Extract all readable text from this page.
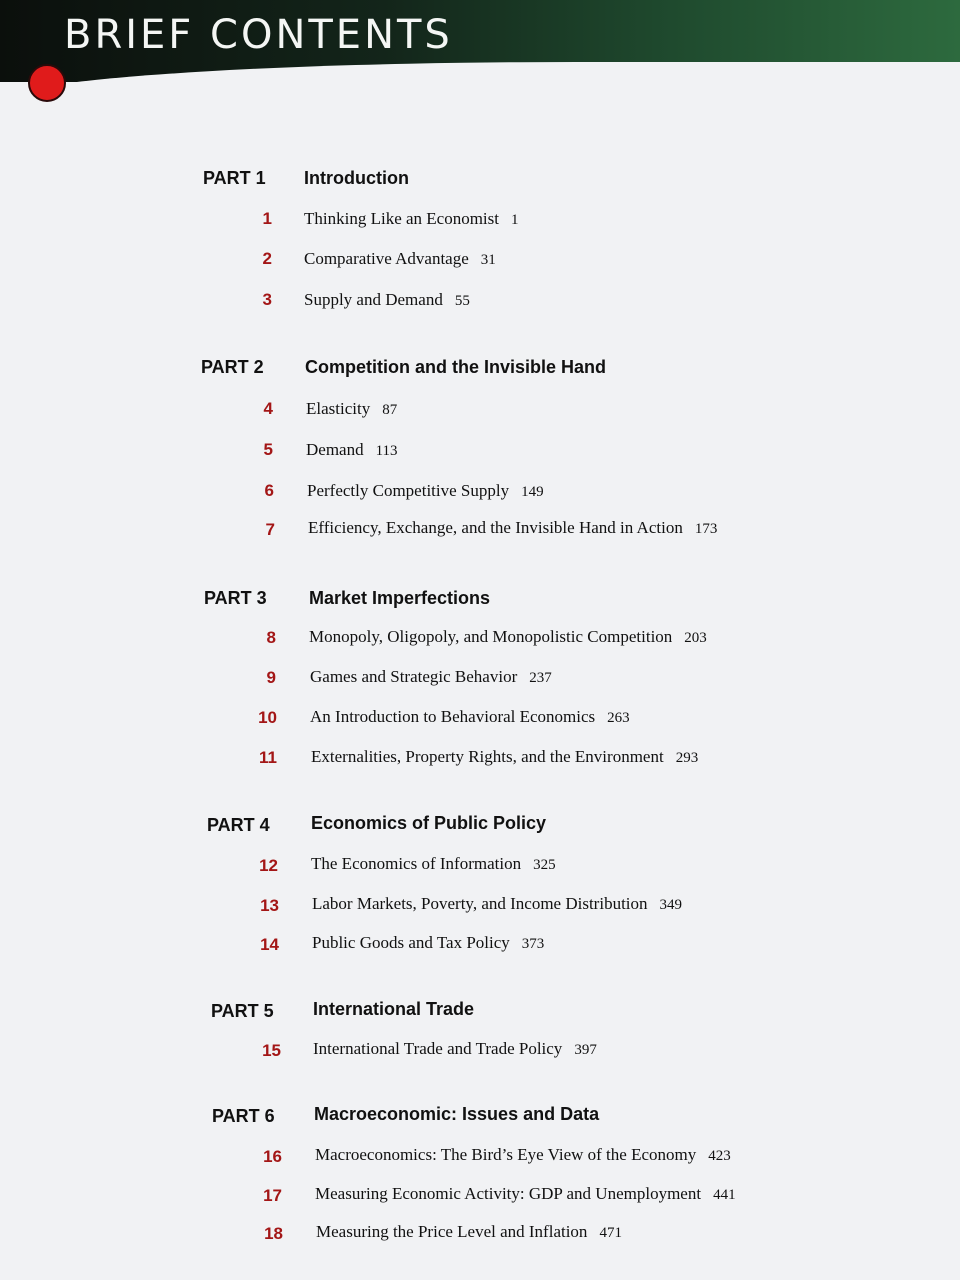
BRIEF CONTENTS
PART 1	Introduction
1 Thinking Like an Economist 1
2 Comparative Advantage 31
3 Supply and Demand 55
PART 2	Competition and the Invisible Hand
4 Elasticity 87
5 Demand 113
6 Perfectly Competitive Supply 149
7 Efficiency, Exchange, and the Invisible Hand in Action 173
PART 3	Market Imperfections
8 Monopoly, Oligopoly, and Monopolistic Competition 203
9 Games and Strategic Behavior 237
10 An Introduction to Behavioral Economics 263
11 Externalities, Property Rights, and the Environment 293
PART 4	Economics of Public Policy
12 The Economics of Information 325
13 Labor Markets, Poverty, and Income Distribution 349
14 Public Goods and Tax Policy 373
PART 5	International Trade
15 International Trade and Trade Policy 397
PART 6	Macroeconomic: Issues and Data
16 Macroeconomics: The Bird’s Eye View of the Economy 423
17 Measuring Economic Activity: GDP and Unemployment 441
18 Measuring the Price Level and Inflation 471
